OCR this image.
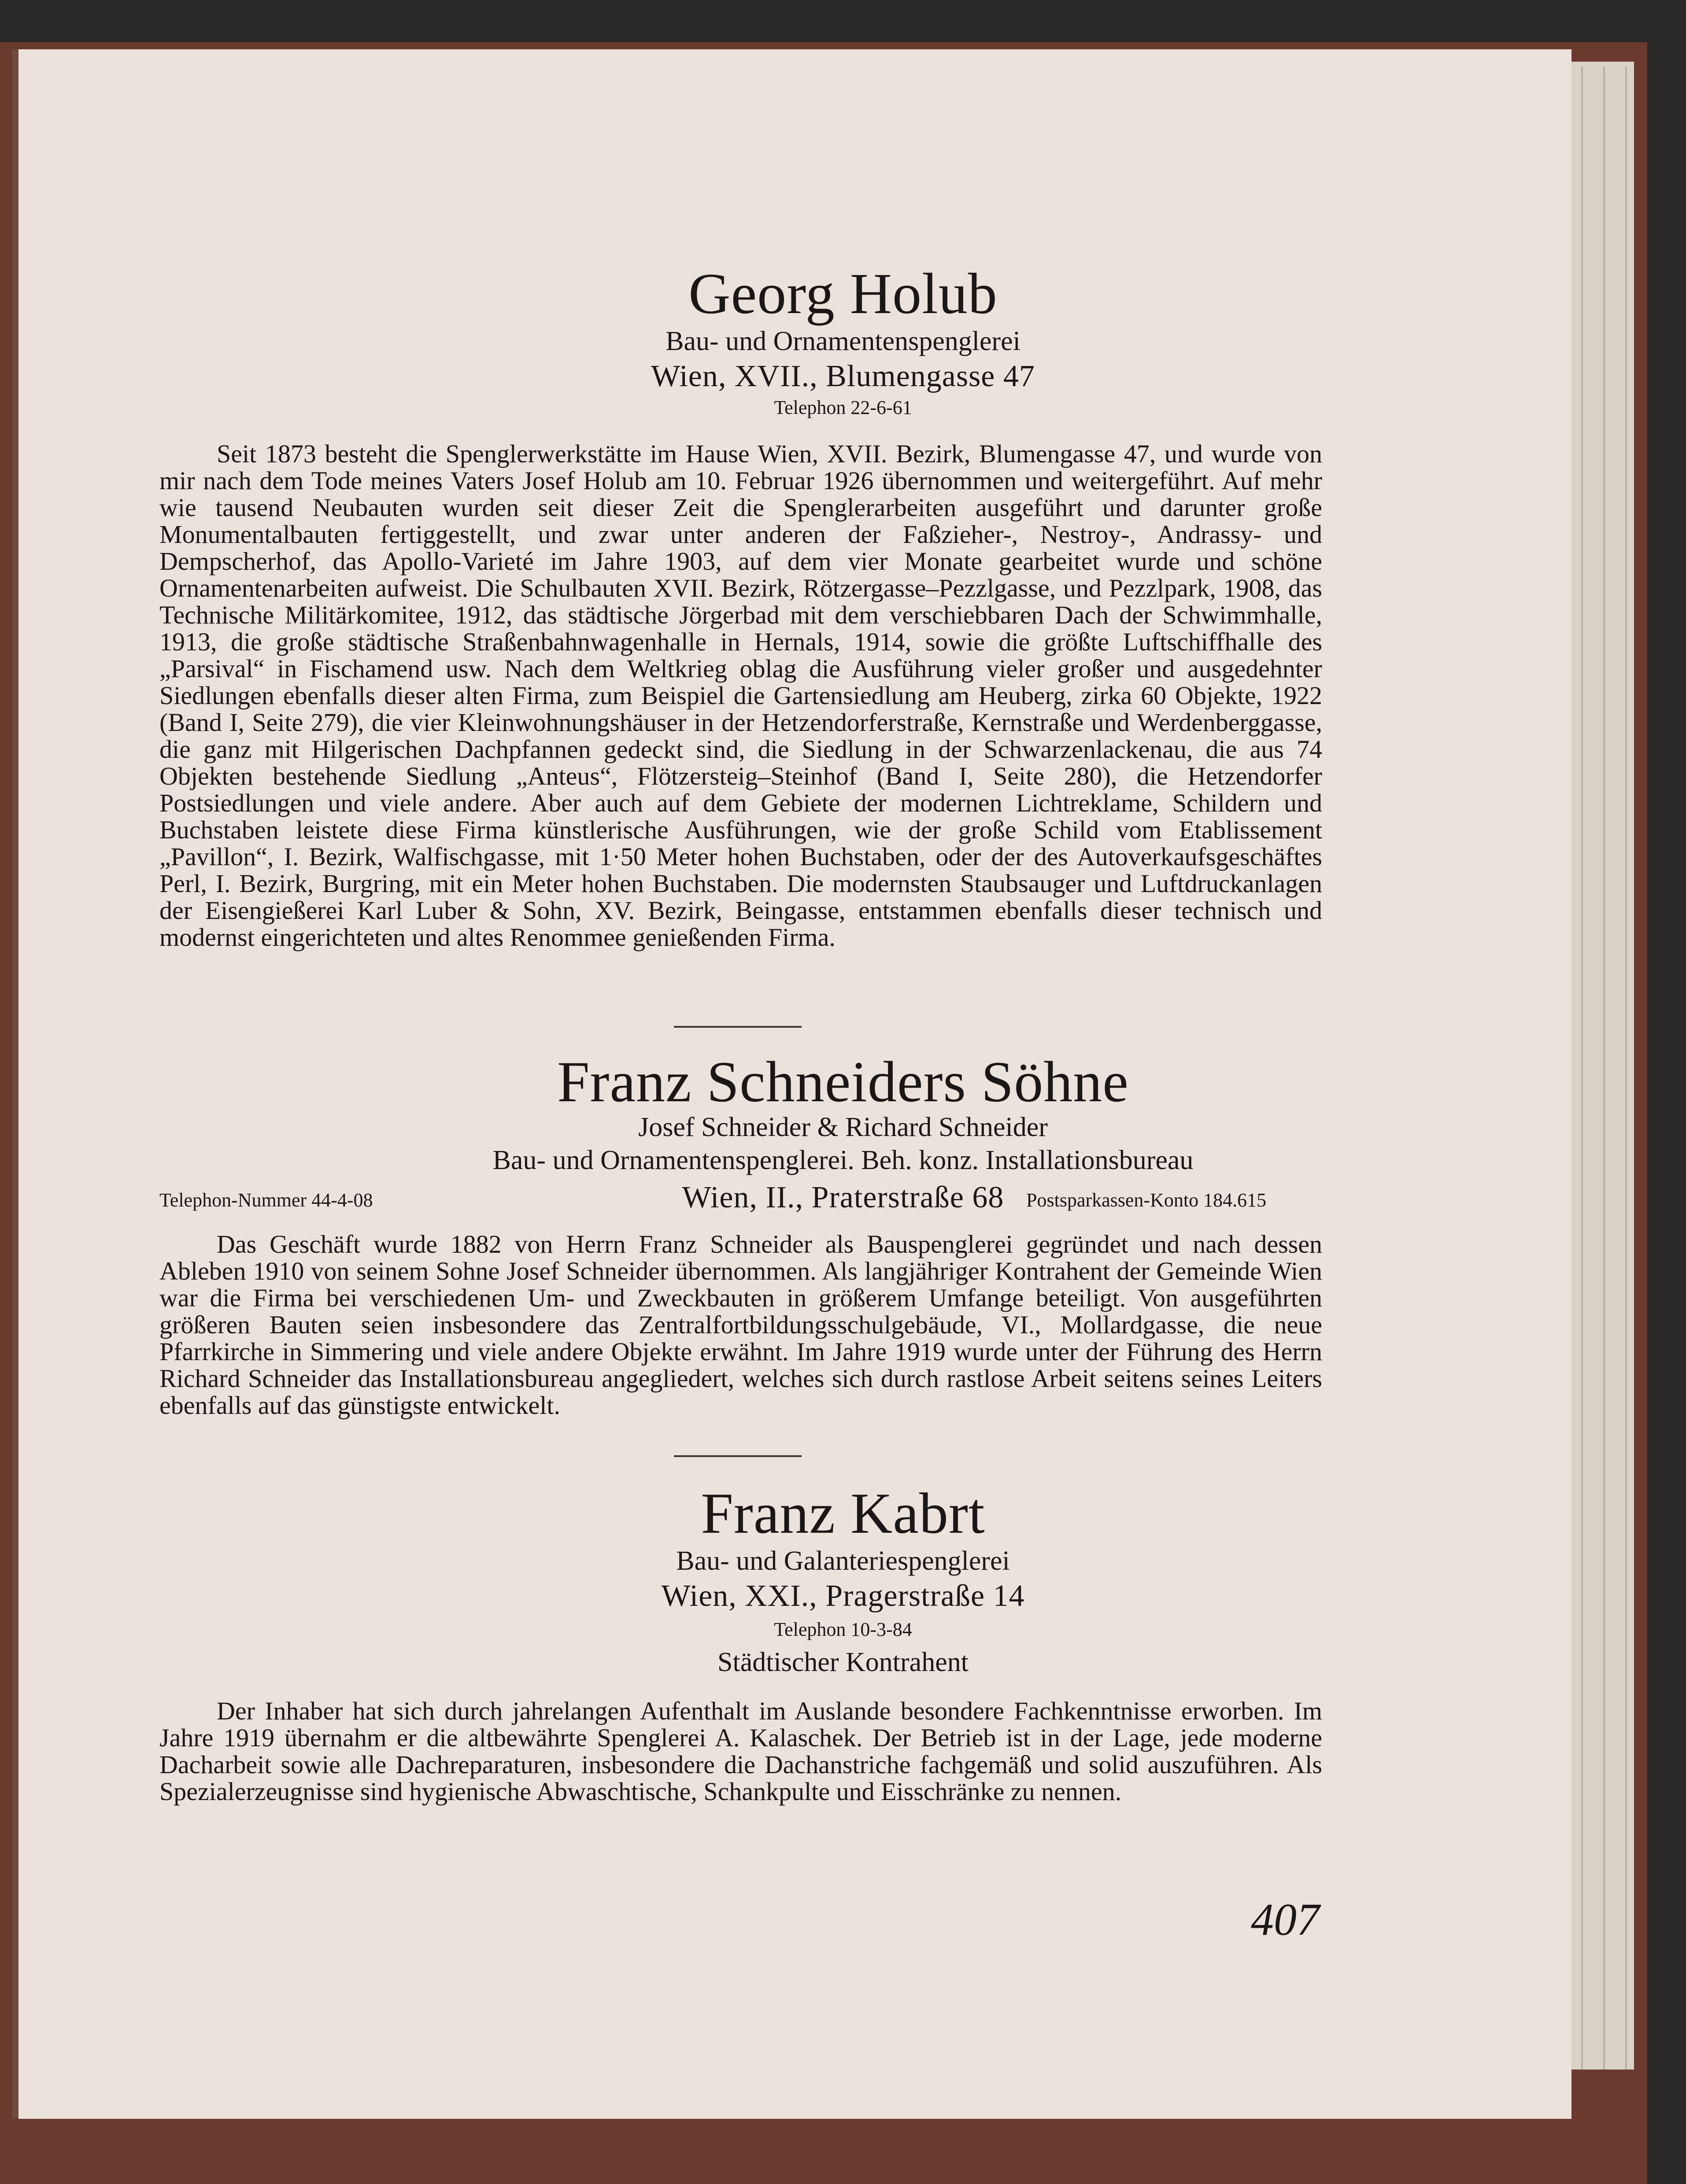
Georg Holub
Bau- und Ornamentenspenglerei
Wien, XVII., Blumengasse 47
Telephon 22-6-61

Seit 1873 besteht die Spenglerwerkstätte im Hause Wien, XVII. Bezirk, Blumengasse 47, und wurde von mir nach dem Tode meines Vaters Josef Holub am 10. Februar 1926 übernommen und weitergeführt. Auf mehr wie tausend Neubauten wurden seit dieser Zeit die Spenglerarbeiten ausgeführt und darunter große Monumentalbauten fertiggestellt, und zwar unter anderen der Faßzieher-, Nestroy-, Andrassy- und Dempscherhof, das Apollo-Varieté im Jahre 1903, auf dem vier Monate gearbeitet wurde und schöne Ornamentenarbeiten aufweist. Die Schulbauten XVII. Bezirk, Rötzergasse–Pezzlgasse, und Pezzlpark, 1908, das Technische Militärkomitee, 1912, das städtische Jörgerbad mit dem verschiebbaren Dach der Schwimmhalle, 1913, die große städtische Straßenbahnwagenhalle in Hernals, 1914, sowie die größte Luftschiffhalle des „Parsival“ in Fischamend usw. Nach dem Weltkrieg oblag die Ausführung vieler großer und ausgedehnter Siedlungen ebenfalls dieser alten Firma, zum Beispiel die Gartensiedlung am Heuberg, zirka 60 Objekte, 1922 (Band I, Seite 279), die vier Kleinwohnungshäuser in der Hetzendorferstraße, Kernstraße und Werdenberggasse, die ganz mit Hilgerischen Dachpfannen gedeckt sind, die Siedlung in der Schwarzenlackenau, die aus 74 Objekten bestehende Siedlung „Anteus“, Flötzersteig–Steinhof (Band I, Seite 280), die Hetzendorfer Postsiedlungen und viele andere. Aber auch auf dem Gebiete der modernen Lichtreklame, Schildern und Buchstaben leistete diese Firma künstlerische Ausführungen, wie der große Schild vom Etablissement „Pavillon“, I. Bezirk, Walfischgasse, mit 1·50 Meter hohen Buchstaben, oder der des Autoverkaufsgeschäftes Perl, I. Bezirk, Burgring, mit ein Meter hohen Buchstaben. Die modernsten Staubsauger und Luftdruckanlagen der Eisengießerei Karl Luber & Sohn, XV. Bezirk, Beingasse, entstammen ebenfalls dieser technisch und modernst eingerichteten und altes Renommee genießenden Firma.

Franz Schneiders Söhne
Josef Schneider & Richard Schneider
Bau- und Ornamentenspenglerei. Beh. konz. Installationsbureau
Telephon-Nummer 44-4-08	Wien, II., Praterstraße 68	Postsparkassen-Konto 184.615

Das Geschäft wurde 1882 von Herrn Franz Schneider als Bauspenglerei gegründet und nach dessen Ableben 1910 von seinem Sohne Josef Schneider übernommen. Als langjähriger Kontrahent der Gemeinde Wien war die Firma bei verschiedenen Um- und Zweckbauten in größerem Umfange beteiligt. Von ausgeführten größeren Bauten seien insbesondere das Zentralfortbildungsschulgebäude, VI., Mollardgasse, die neue Pfarrkirche in Simmering und viele andere Objekte erwähnt. Im Jahre 1919 wurde unter der Führung des Herrn Richard Schneider das Installationsbureau angegliedert, welches sich durch rastlose Arbeit seitens seines Leiters ebenfalls auf das günstigste entwickelt.

Franz Kabrt
Bau- und Galanteriespenglerei
Wien, XXI., Pragerstraße 14
Telephon 10-3-84
Städtischer Kontrahent

Der Inhaber hat sich durch jahrelangen Aufenthalt im Auslande besondere Fachkenntnisse erworben. Im Jahre 1919 übernahm er die altbewährte Spenglerei A. Kalaschek. Der Betrieb ist in der Lage, jede moderne Dacharbeit sowie alle Dachreparaturen, insbesondere die Dachanstriche fachgemäß und solid auszuführen. Als Spezialerzeugnisse sind hygienische Abwaschtische, Schankpulte und Eisschränke zu nennen.

407
